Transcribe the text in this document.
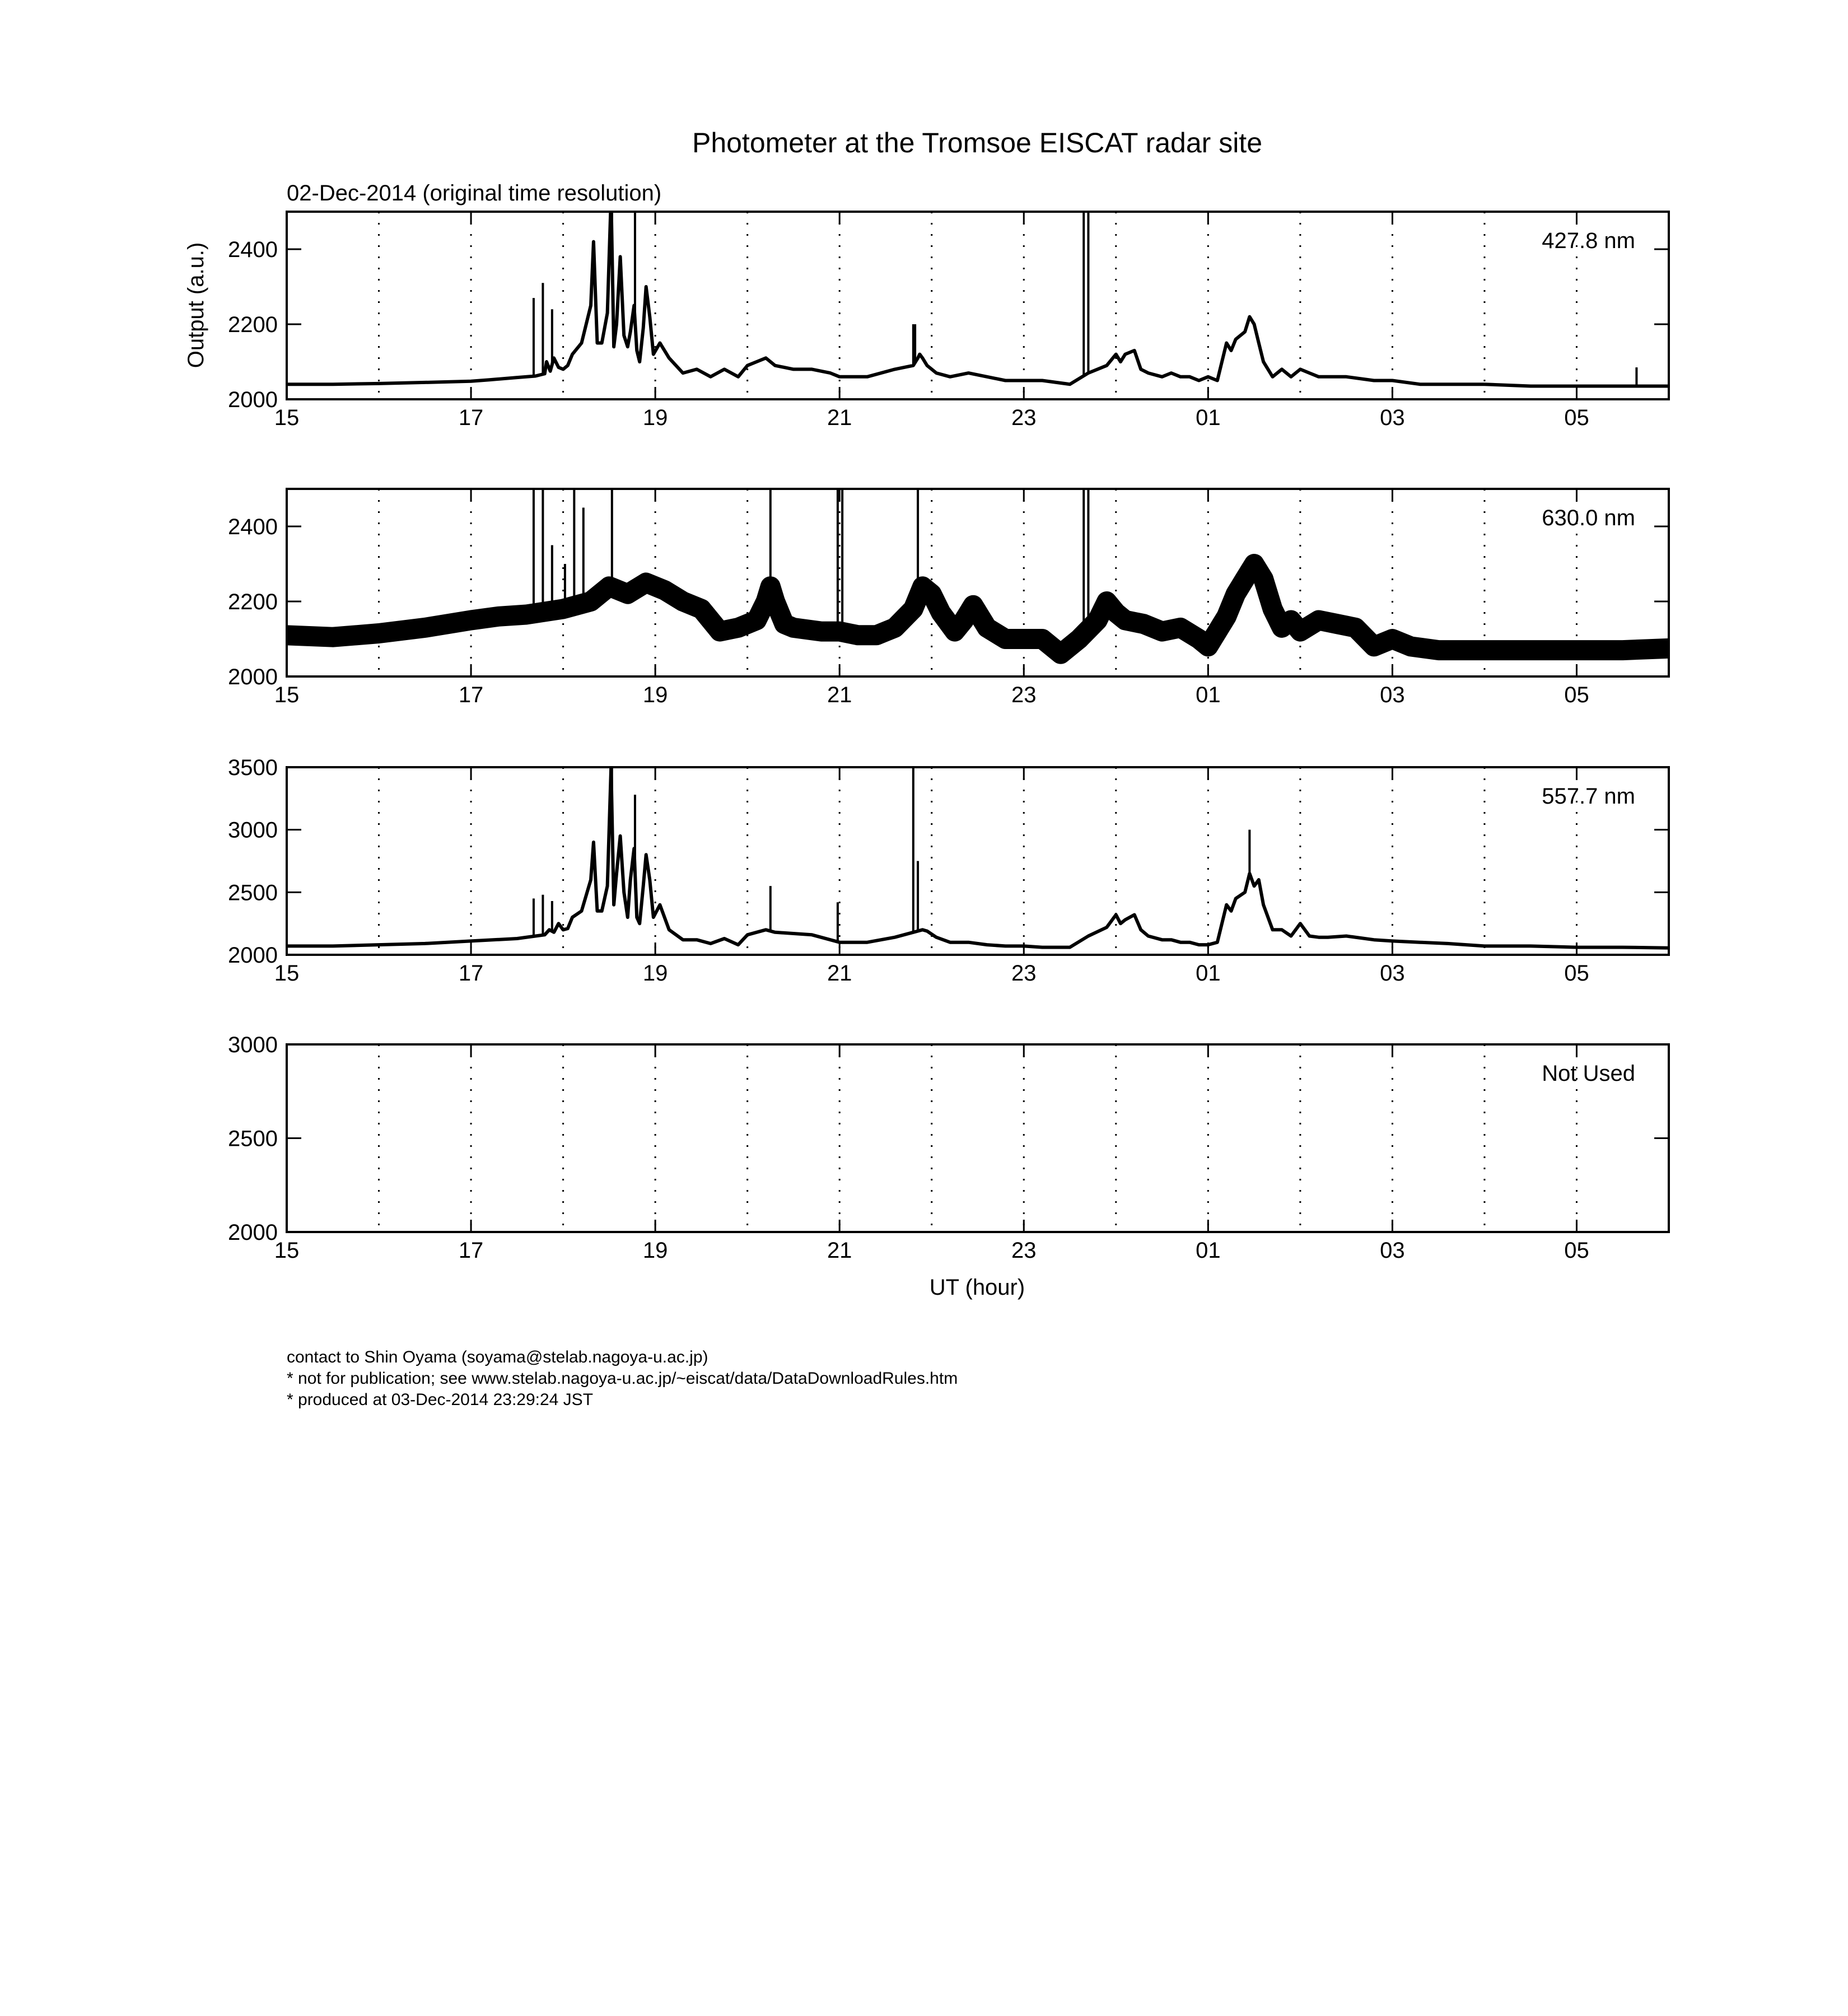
Photometer at the Tromsoe EISCAT radar site
02-Dec-2014 (original time resolution)
Output (a.u.)
UT (hour)
2000
2200
2400
15	17	19	21	23	01	03	05
427.8 nm
2000
2200
2400
15	17	19	21	23	01	03	05
630.0 nm
2000
2500
3000
3500
15	17	19	21	23	01	03	05
557.7 nm
2000
2500
3000
15	17	19	21	23	01	03	05
Not Used
contact to Shin Oyama (soyama@stelab.nagoya-u.ac.jp)
* not for publication; see www.stelab.nagoya-u.ac.jp/~eiscat/data/DataDownloadRules.htm
* produced at 03-Dec-2014 23:29:24 JST
